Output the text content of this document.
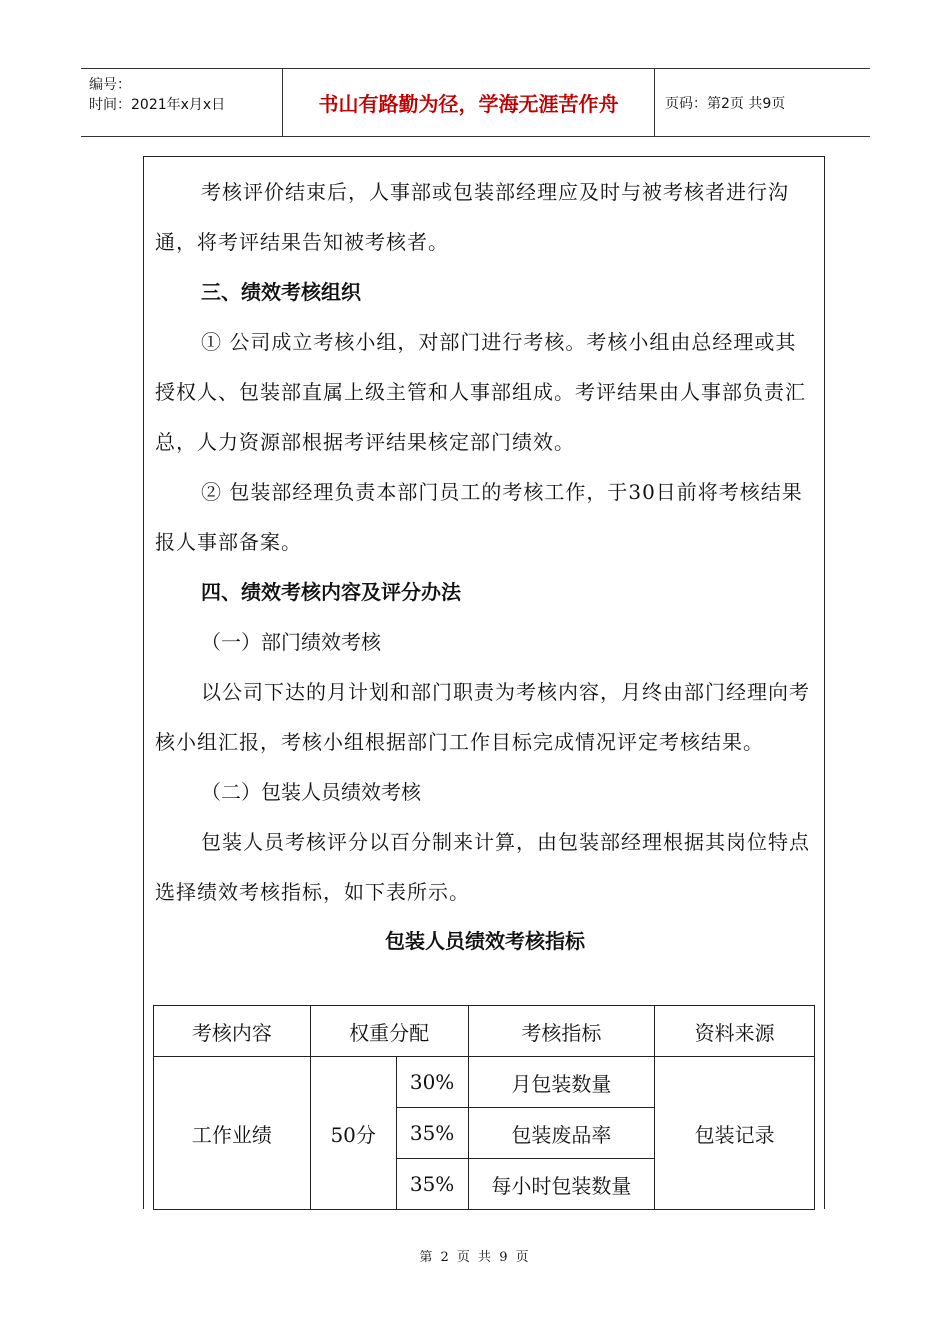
编号：
时间：2021年x月x日	书山有路勤为径，学海无涯苦作舟	页码：第2页 共9页

考核评价结束后，人事部或包装部经理应及时与被考核者进行沟通，将考评结果告知被考核者。

三、绩效考核组织

① 公司成立考核小组，对部门进行考核。考核小组由总经理或其授权人、包装部直属上级主管和人事部组成。考评结果由人事部负责汇总，人力资源部根据考评结果核定部门绩效。

② 包装部经理负责本部门员工的考核工作，于30日前将考核结果报人事部备案。

四、绩效考核内容及评分办法

（一）部门绩效考核

以公司下达的月计划和部门职责为考核内容，月终由部门经理向考核小组汇报，考核小组根据部门工作目标完成情况评定考核结果。

（二）包装人员绩效考核

包装人员考核评分以百分制来计算，由包装部经理根据其岗位特点选择绩效考核指标，如下表所示。

包装人员绩效考核指标

考核内容	权重分配		考核指标	资料来源
工作业绩	50分	30%	月包装数量	包装记录
		35%	包装废品率	
		35%	每小时包装数量	
第 2 页 共 9 页
